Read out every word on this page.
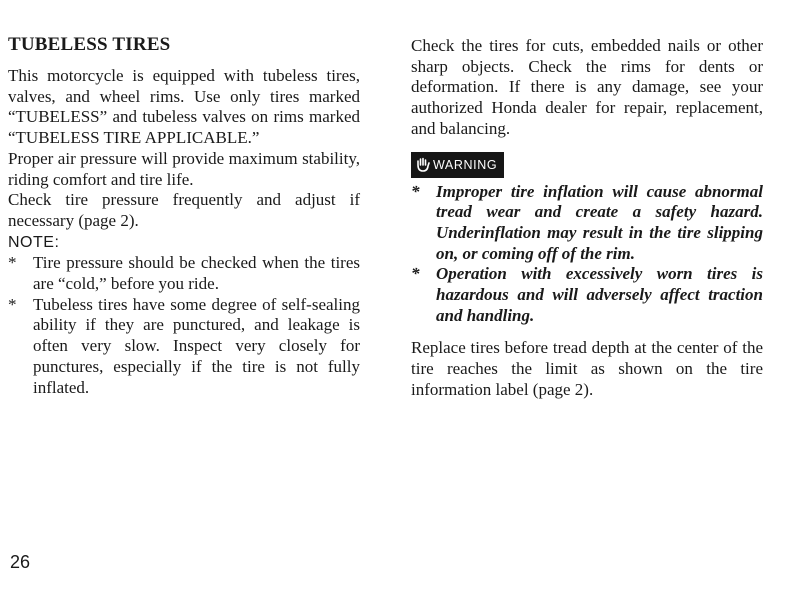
TUBELESS TIRES

This motorcycle is equipped with tubeless tires, valves, and wheel rims. Use only tires marked “TUBELESS” and tubeless valves on rims marked “TUBELESS TIRE APPLICABLE.”

Proper air pressure will provide maximum stability, riding comfort and tire life.

Check tire pressure frequently and adjust if necessary (page 2).

NOTE:
* Tire pressure should be checked when the tires are “cold,” before you ride.
* Tubeless tires have some degree of self-sealing ability if they are punctured, and leakage is often very slow. Inspect very closely for punctures, especially if the tire is not fully inflated.

Check the tires for cuts, embedded nails or other sharp objects. Check the rims for dents or deformation. If there is any damage, see your authorized Honda dealer for repair, replacement, and balancing.

WARNING
* Improper tire inflation will cause abnormal tread wear and create a safety hazard. Underinflation may result in the tire slipping on, or coming off of the rim.
* Operation with excessively worn tires is hazardous and will adversely affect traction and handling.

Replace tires before tread depth at the center of the tire reaches the limit as shown on the tire information label (page 2).

26
